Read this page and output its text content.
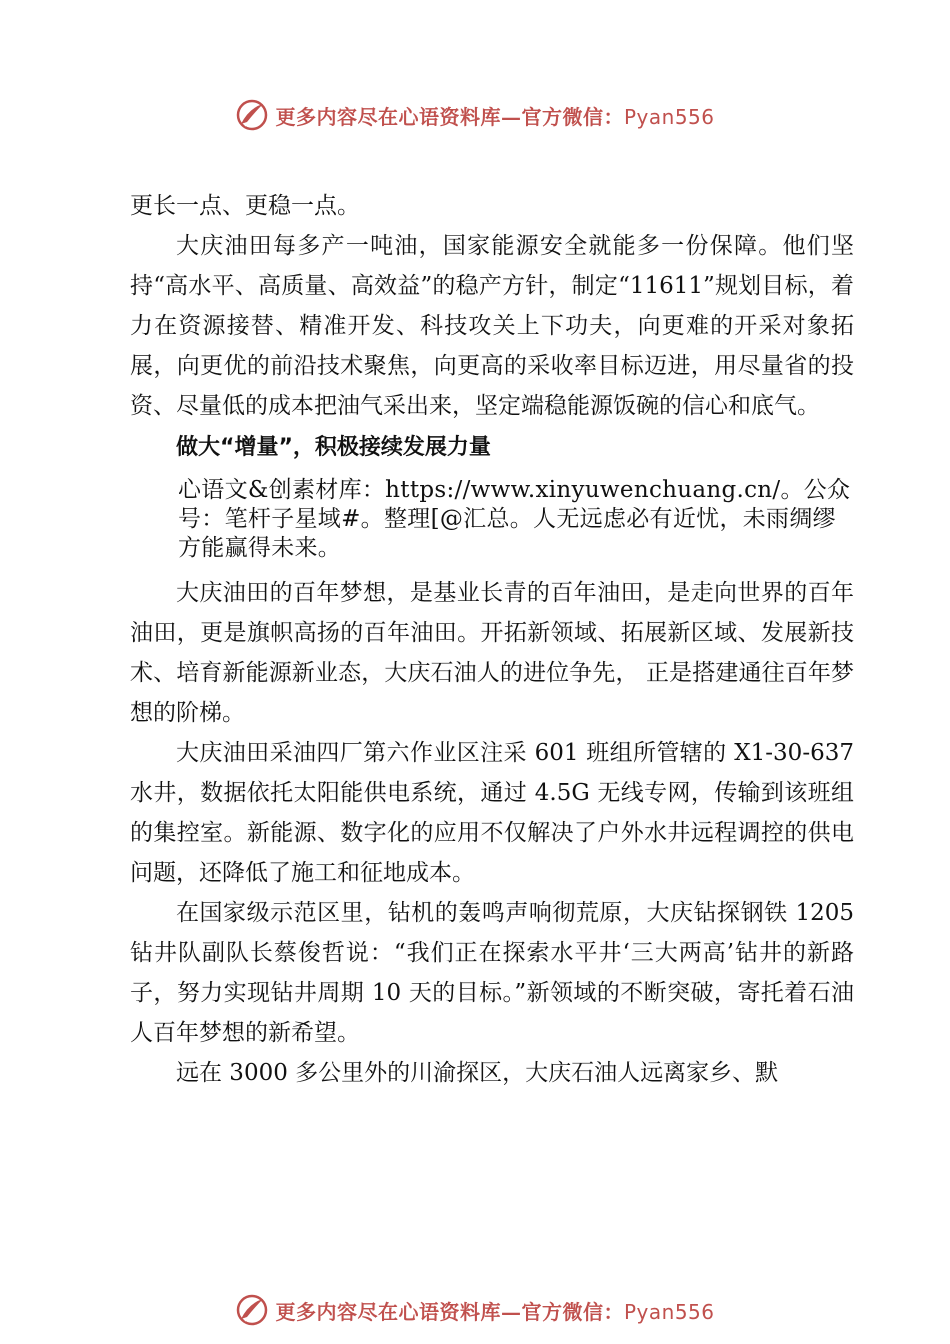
更多内容尽在心语资料库—官方微信：Pyan556

更长一点、更稳一点。

大庆油田每多产一吨油，国家能源安全就能多一份保障。他们坚持“高水平、高质量、高效益”的稳产方针，制定“11611”规划目标，着力在资源接替、精准开发、科技攻关上下功夫，向更难的开采对象拓展，向更优的前沿技术聚焦，向更高的采收率目标迈进，用尽量省的投资、尽量低的成本把油气采出来，坚定端稳能源饭碗的信心和底气。

做大“增量”，积极接续发展力量

心语文&创素材库：https://www.xinyuwenchuang.cn/。公众号：笔杆子星域#。整理[@汇总。人无远虑必有近忧，未雨绸缪方能赢得未来。

大庆油田的百年梦想，是基业长青的百年油田，是走向世界的百年油田，更是旗帜高扬的百年油田。开拓新领域、拓展新区域、发展新技术、培育新能源新业态，大庆石油人的进位争先， 正是搭建通往百年梦想的阶梯。

大庆油田采油四厂第六作业区注采 601 班组所管辖的 X1-30-637 水井，数据依托太阳能供电系统，通过 4.5G 无线专网，传输到该班组的集控室。新能源、数字化的应用不仅解决了户外水井远程调控的供电问题，还降低了施工和征地成本。

在国家级示范区里，钻机的轰鸣声响彻荒原，大庆钻探钢铁 1205 钻井队副队长蔡俊哲说：“我们正在探索水平井‘三大两高’钻井的新路子，努力实现钻井周期 10 天的目标。”新领域的不断突破，寄托着石油人百年梦想的新希望。

远在 3000 多公里外的川渝探区，大庆石油人远离家乡、默

更多内容尽在心语资料库—官方微信：Pyan556
